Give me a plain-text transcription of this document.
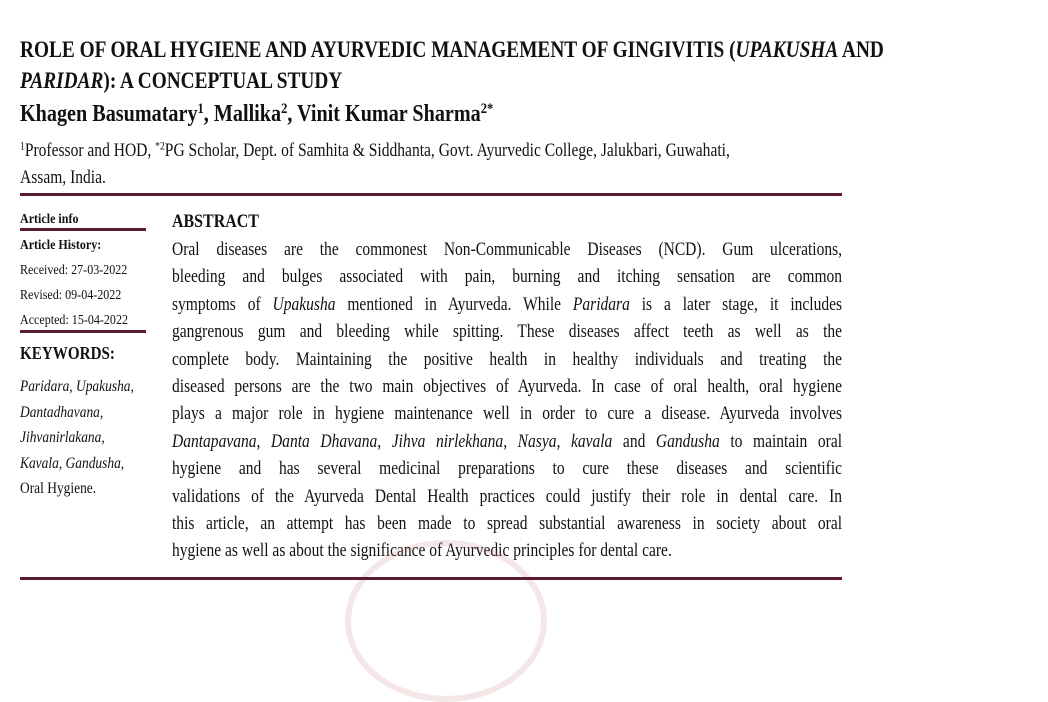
ROLE OF ORAL HYGIENE AND AYURVEDIC MANAGEMENT OF GINGIVITIS (UPAKUSHA AND
PARIDAR): A CONCEPTUAL STUDY
Khagen Basumatary$^1$, Mallika$^2$, Vinit Kumar Sharma$^{2*}$
$^1$Professor and HOD, $^{*2}$PG Scholar, Dept. of Samhita & Siddhanta, Govt. Ayurvedic College, Jalukbari, Guwahati,
Assam, India.
Article info
Article History:
Received: 27-03-2022
Revised: 09-04-2022
Accepted: 15-04-2022
KEYWORDS:
Paridara, Upakusha,
Dantadhavana,
Jihvanirlakana,
Kavala, Gandusha,
Oral Hygiene.
ABSTRACT
Oral diseases are the commonest Non-Communicable Diseases (NCD). Gum ulcerations,
bleeding and bulges associated with pain, burning and itching sensation are common
symptoms of Upakusha mentioned in Ayurveda. While Paridara is a later stage, it includes
gangrenous gum and bleeding while spitting. These diseases affect teeth as well as the
complete body. Maintaining the positive health in healthy individuals and treating the
diseased persons are the two main objectives of Ayurveda. In case of oral health, oral hygiene
plays a major role in hygiene maintenance well in order to cure a disease. Ayurveda involves
Dantapavana, Danta Dhavana, Jihva nirlekhana, Nasya, kavala and Gandusha to maintain oral
hygiene and has several medicinal preparations to cure these diseases and scientific
validations of the Ayurveda Dental Health practices could justify their role in dental care. In
this article, an attempt has been made to spread substantial awareness in society about oral
hygiene as well as about the significance of Ayurvedic principles for dental care.
